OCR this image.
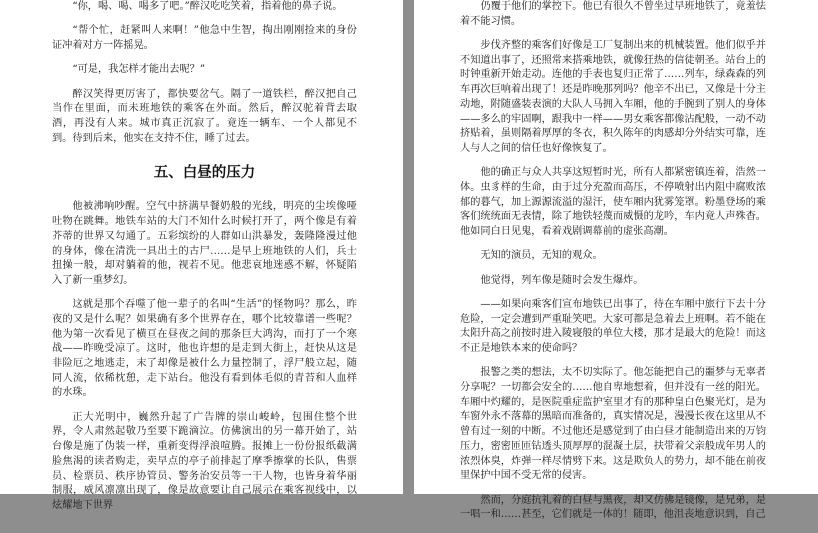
“你，喝、喝、喝多了吧。”醉汉吃吃笑着，指着他的鼻子说。

“帮个忙，赶紧叫人来啊！”他急中生智，掏出刚刚捡来的身份证冲着对方一阵摇晃。

“可是，我怎样才能出去呢？”

醉汉笑得更厉害了，都快要岔气。隔了一道铁栏，醉汉把自己当作在里面，而未班地铁的乘客在外面。然后，醉汉驼着背去取酒，再没有人来。城市真正沉寂了。竟连一辆车、一个人都见不到。待到后来，他实在支持不住，睡了过去。

五、白昼的压力

他被沸响吵醒。空气中挤满早餐奶般的光线，明亮的尘埃像哑吐物在跳舞。地铁车站的大门不知什么时候打开了，两个像是有着芥蒂的世界又勾通了。五彩缤纷的人群如山洪暴发，轰隆隆漫过他的身体，像在清洗一具出土的古尸……是早上班地铁的人们，兵士扭操一般，却对躺着的他，视若不见。他悲哀地迷惑不解，怀疑陷入了新一重梦幻。

这就是那个吞噬了他一辈子的名叫“生活”的怪物吗？那么，昨夜的又是什么呢？如果确有多个世界存在，哪个比较靠谱一些呢？他为第一次看见了横亘在昼夜之间的那条巨大鸿沟，而打了一个寒战——昨晚受凉了。这时，他也许想的是走到大街上，赶快从这是非险厄之地逃走，末了却像是被什么力量控制了，浮尸般立起，随同人流，依稀枕憩，走下站台。他没有看到体毛似的青苔和人血样的水珠。

正大光明中，巍然升起了广告牌的崇山峻岭，包围住整个世界，令人肃然起敬乃至要下跪滴泣。仿佛演出的另一幕开始了，站台像是施了伪装一样，重新变得浮浪喧腾。报摊上一份份报纸截满脸焦渴的读者购走，卖早点的亭子前排起了摩季擦掌的长队，售票员、检票员、秩序协管员、警务治安员等一干人物，也皆身着华丽制服，威风凛凛出现了，像是故意要让自己展示在乘客视线中，以炫耀地下世界

仍覆于他们的掌控下。他已有很久不曾坐过早班地铁了，竟羞怯着不能习惯。

步伐齐整的乘客们好像是工厂复制出来的机械装置。他们似乎并不知道出事了，还照常来搭乘地铁，就像狂热的信徒朝圣。站台上的时钟重新开始走动。连他的手表也复归正常了……列车，绿森森的列车再次巨响着出现了！还是昨晚那列吗？他辛不出已，又像是十分主动地，附随盛装表演的大队人马拥入车厢，他的手腕到了别人的身体——多么的牢固啊，跟我中一样——男女乘客都像沾配般，一动不动挤贴着，虽则隔着厚厚的冬衣，积久陈年的肉感却分外结实可靠，连人与人之间的信任也好像恢复了。

他的确正与众人共享这短暂时光，所有人都紧密镇连着，浩然一体。虫豸样的生命，由于过分充盈而高压，不停喷射出内阻中腐败浓郁的暮气，加上源源流溢的湿汗，使车厢内犹雾笼罩。粉墨登场的乘客们统统面无表情，除了地铁轻蔑而威慑的龙吟，车内竟人声殊杳。他如同白日见鬼，看着戏剧调幕前的虚张高潮。

无知的演员，无知的观众。

他觉得，列车像是随时会发生爆炸。

——如果向乘客们宣布地铁已出事了，待在车厢中旅行下去十分危险，一定会遭到严重耻笑吧。大家可都是急着去上班啊。若不能在太阳升高之前按时进入陵寝般的单位大楼，那才是最大的危险！而这不正是地铁本来的使命吗？

报警之类的想法，太不切实际了。他怎能把自己的噩梦与无辜者分享呢？一切都会安全的……他自卑地想着，但并没有一丝的阳光。车厢中灼耀的，是医院重症监护室里才有的那种皇白色聚光灯，是为车窗外永不落幕的黑暗而准备的，真实情况是，漫漫长夜在这里从不曾有过一刻的中断。不过他还是感觉到了由白昼才能制造出来的万钧压力，密密匝匝钻透头顶厚厚的混凝土层，扶带着父亲般成年男人的浓烈体臭，炸弹一样尽情劈下来。这是欺负人的势力，却不能在前夜里保护中国不受无常的侵害。

然而，分庭抗礼着的白昼与黑夜，却又仿佛是镜像，是兄弟，是一唱一和……甚至，它们就是一体的！随即，他沮丧地意识到，自己
